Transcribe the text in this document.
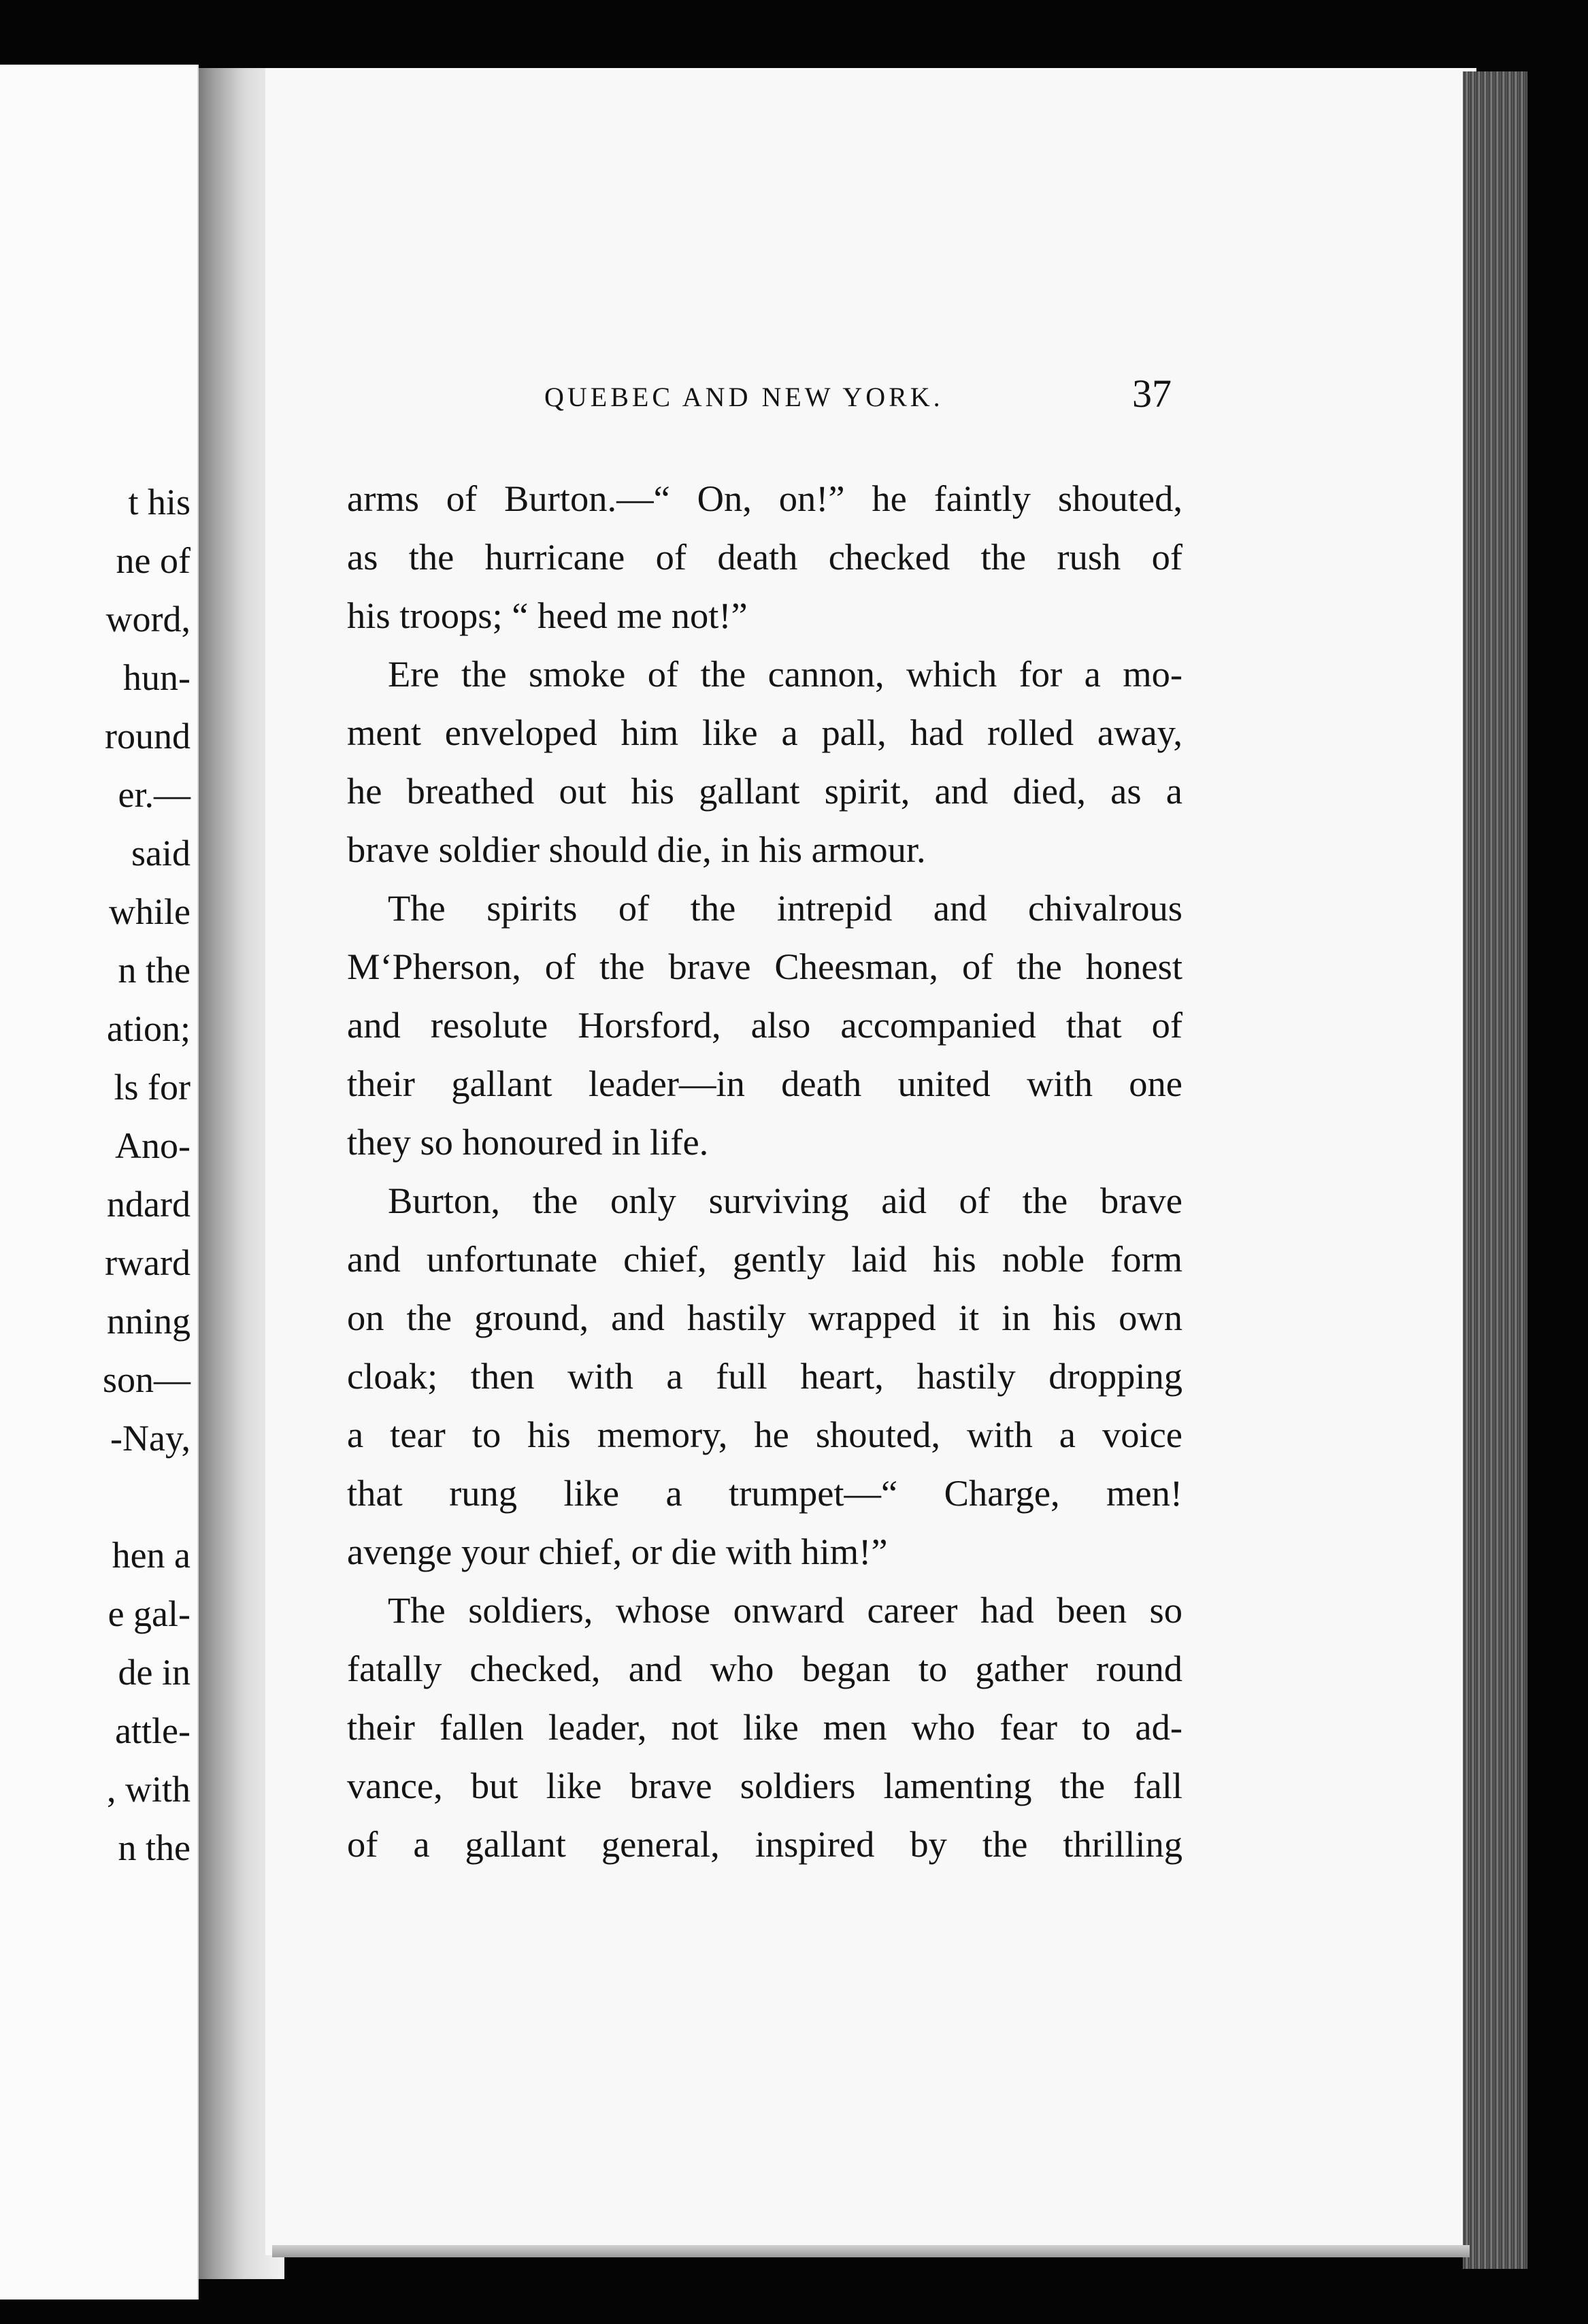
t his

ne of

word,

hun-

round

er.—

said

while

n the

ation;

ls for

Ano-

ndard

rward

nning

son—

-Nay,

hen a

e gal-

de in

attle-

, with

n the

QUEBEC AND NEW YORK.	37

arms of Burton.—“ On, on!” he faintly shouted,
as the hurricane of death checked the rush of
his troops; “ heed me not!”
Ere the smoke of the cannon, which for a mo-
ment enveloped him like a pall, had rolled away,
he breathed out his gallant spirit, and died, as a
brave soldier should die, in his armour.
The spirits of the intrepid and chivalrous
M‘Pherson, of the brave Cheesman, of the honest
and resolute Horsford, also accompanied that of
their gallant leader—in death united with one
they so honoured in life.
Burton, the only surviving aid of the brave
and unfortunate chief, gently laid his noble form
on the ground, and hastily wrapped it in his own
cloak; then with a full heart, hastily dropping
a tear to his memory, he shouted, with a voice
that rung like a trumpet—“ Charge, men!
avenge your chief, or die with him!”
The soldiers, whose onward career had been so
fatally checked, and who began to gather round
their fallen leader, not like men who fear to ad-
vance, but like brave soldiers lamenting the fall
of a gallant general, inspired by the thrilling
